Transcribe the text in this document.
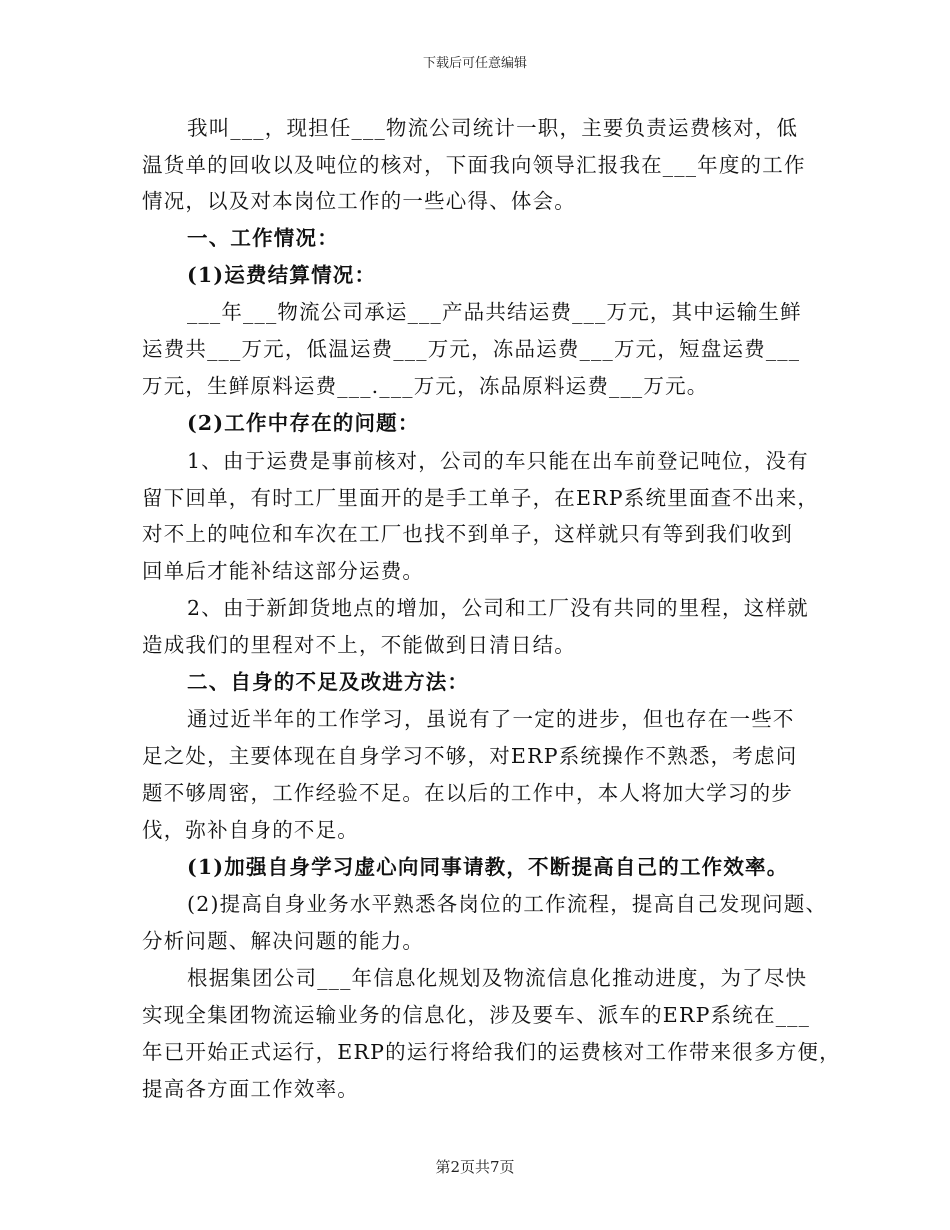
下载后可任意编辑
我叫___，现担任___物流公司统计一职，主要负责运费核对，低
温货单的回收以及吨位的核对，下面我向领导汇报我在___年度的工作
情况，以及对本岗位工作的一些心得、体会。
一、工作情况：
(1)运费结算情况：
___年___物流公司承运___产品共结运费___万元，其中运输生鲜
运费共___万元，低温运费___万元，冻品运费___万元，短盘运费___
万元，生鲜原料运费___.___万元，冻品原料运费___万元。
(2)工作中存在的问题：
1、由于运费是事前核对，公司的车只能在出车前登记吨位，没有
留下回单，有时工厂里面开的是手工单子，在ERP系统里面查不出来，
对不上的吨位和车次在工厂也找不到单子，这样就只有等到我们收到
回单后才能补结这部分运费。
2、由于新卸货地点的增加，公司和工厂没有共同的里程，这样就
造成我们的里程对不上，不能做到日清日结。
二、自身的不足及改进方法：
通过近半年的工作学习，虽说有了一定的进步，但也存在一些不
足之处，主要体现在自身学习不够，对ERP系统操作不熟悉，考虑问
题不够周密，工作经验不足。在以后的工作中，本人将加大学习的步
伐，弥补自身的不足。
(1)加强自身学习虚心向同事请教，不断提高自己的工作效率。
(2)提高自身业务水平熟悉各岗位的工作流程，提高自己发现问题、
分析问题、解决问题的能力。
根据集团公司___年信息化规划及物流信息化推动进度，为了尽快
实现全集团物流运输业务的信息化，涉及要车、派车的ERP系统在___
年已开始正式运行，ERP的运行将给我们的运费核对工作带来很多方便，
提高各方面工作效率。
第2页共7页
